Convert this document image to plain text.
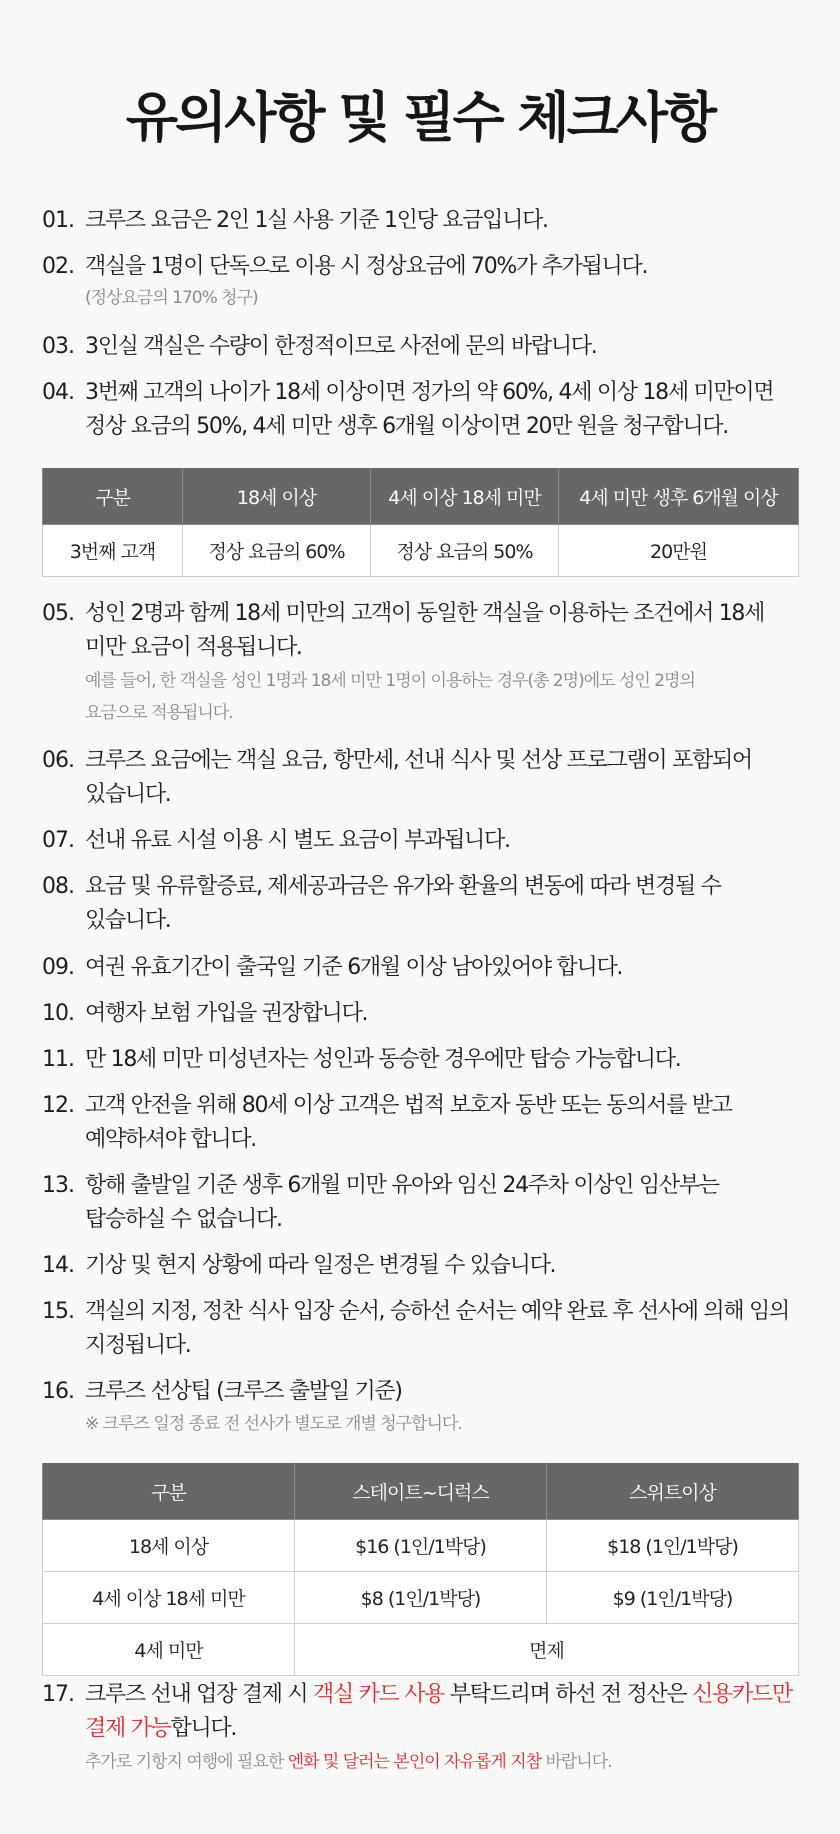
유의사항 및 필수 체크사항
01. 크루즈 요금은 2인 1실 사용 기준 1인당 요금입니다.
02. 객실을 1명이 단독으로 이용 시 정상요금에 70%가 추가됩니다.
(정상요금의 170% 청구)
03. 3인실 객실은 수량이 한정적이므로 사전에 문의 바랍니다.
04. 3번째 고객의 나이가 18세 이상이면 정가의 약 60%, 4세 이상 18세 미만이면
정상 요금의 50%, 4세 미만 생후 6개월 이상이면 20만 원을 청구합니다.
구분	18세 이상	4세 이상 18세 미만	4세 미만 생후 6개월 이상
3번째 고객	정상 요금의 60%	정상 요금의 50%	20만원
05. 성인 2명과 함께 18세 미만의 고객이 동일한 객실을 이용하는 조건에서 18세
미만 요금이 적용됩니다.
예를 들어, 한 객실을 성인 1명과 18세 미만 1명이 이용하는 경우(총 2명)에도 성인 2명의
요금으로 적용됩니다.
06. 크루즈 요금에는 객실 요금, 항만세, 선내 식사 및 선상 프로그램이 포함되어
있습니다.
07. 선내 유료 시설 이용 시 별도 요금이 부과됩니다.
08. 요금 및 유류할증료, 제세공과금은 유가와 환율의 변동에 따라 변경될 수
있습니다.
09. 여권 유효기간이 출국일 기준 6개월 이상 남아있어야 합니다.
10. 여행자 보험 가입을 권장합니다.
11. 만 18세 미만 미성년자는 성인과 동승한 경우에만 탑승 가능합니다.
12. 고객 안전을 위해 80세 이상 고객은 법적 보호자 동반 또는 동의서를 받고
예약하셔야 합니다.
13. 항해 출발일 기준 생후 6개월 미만 유아와 임신 24주차 이상인 임산부는
탑승하실 수 없습니다.
14. 기상 및 현지 상황에 따라 일정은 변경될 수 있습니다.
15. 객실의 지정, 정찬 식사 입장 순서, 승하선 순서는 예약 완료 후 선사에 의해 임의
지정됩니다.
16. 크루즈 선상팁 (크루즈 출발일 기준)
※ 크루즈 일정 종료 전 선사가 별도로 개별 청구합니다.
구분	스테이트~디럭스	스위트이상
18세 이상	$16 (1인/1박당)	$18 (1인/1박당)
4세 이상 18세 미만	$8 (1인/1박당)	$9 (1인/1박당)
4세 미만	면제	
17. 크루즈 선내 업장 결제 시 객실 카드 사용 부탁드리며 하선 전 정산은 신용카드만
결제 가능합니다.
추가로 기항지 여행에 필요한 엔화 및 달러는 본인이 자유롭게 지참 바랍니다.
